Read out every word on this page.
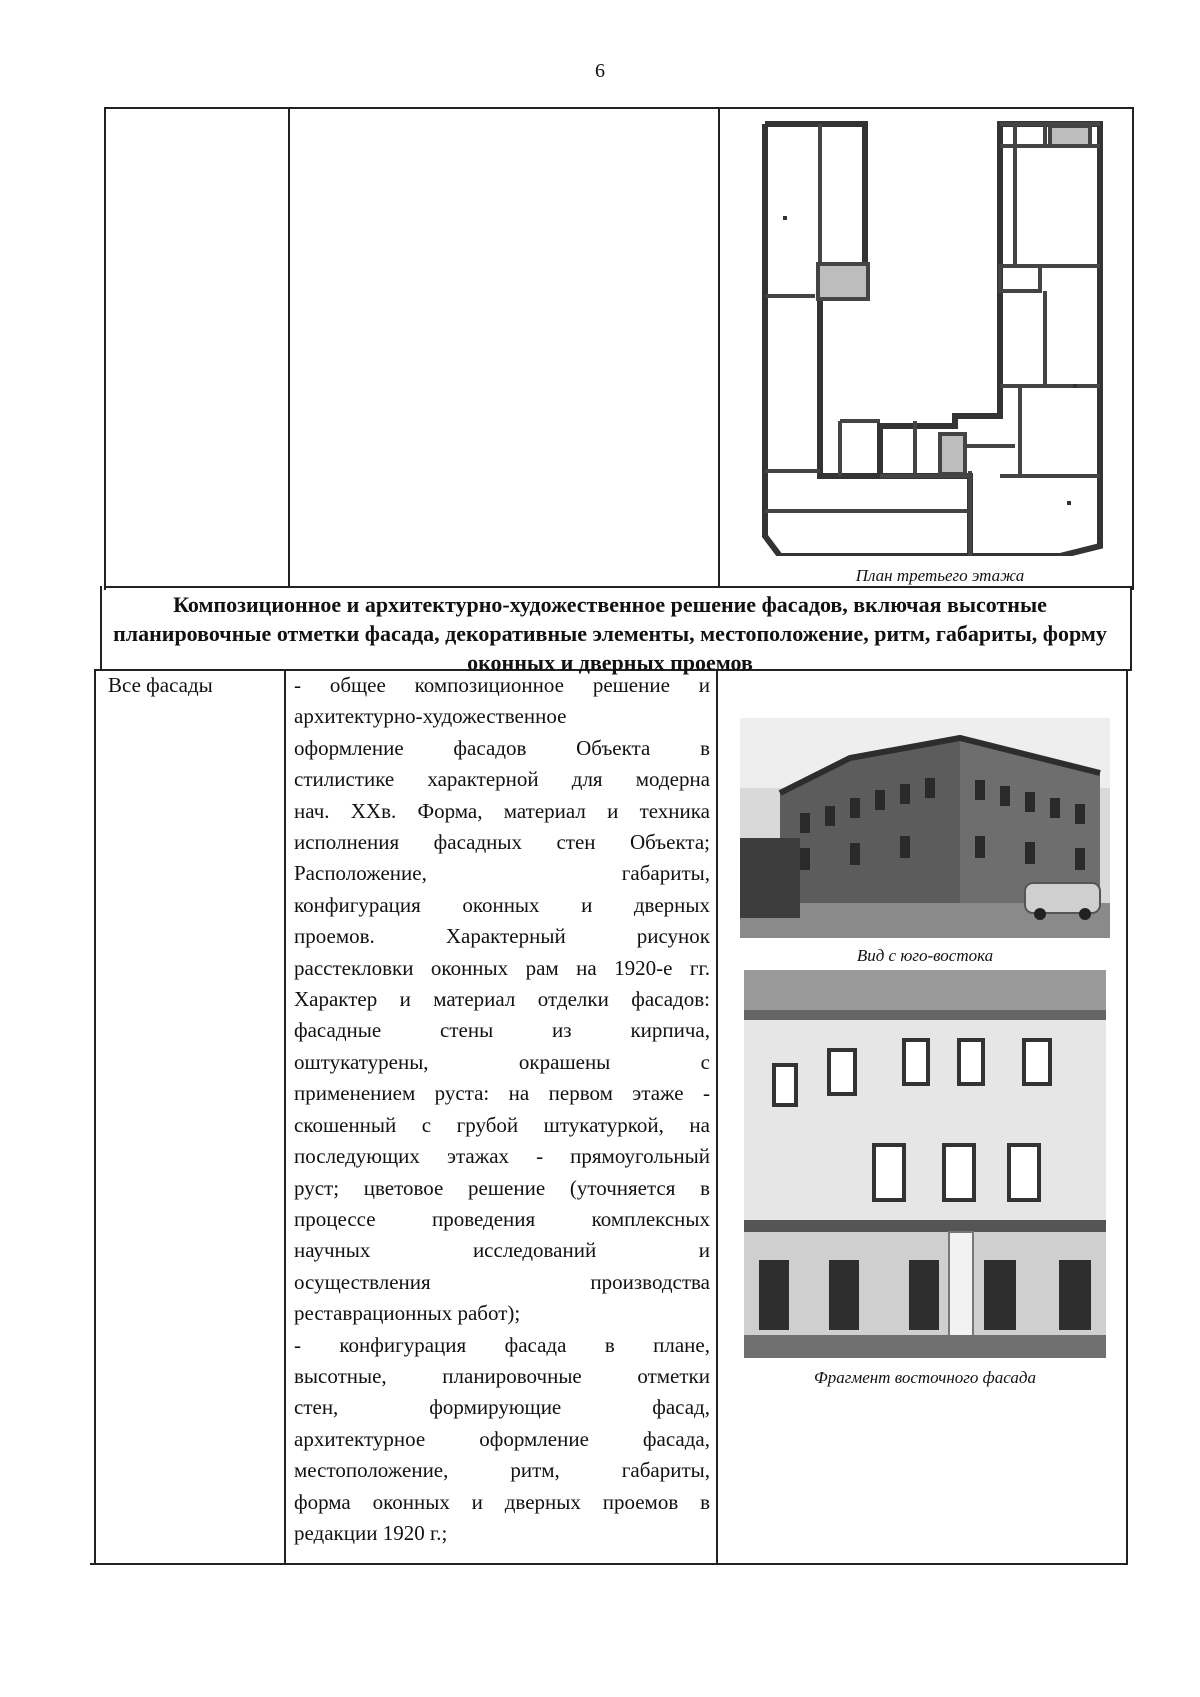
6
План третьего этажа
Композиционное и архитектурно-художественное решение фасадов, включая высотные планировочные отметки фасада, декоративные элементы, местоположение, ритм, габариты, форму оконных и дверных проемов
Все фасады	- общее композиционное решение и

архитектурно-художественное

оформление фасадов Объекта в

стилистике характерной для модерна

нач. XXв. Форма, материал и техника

исполнения фасадных стен Объекта;

Расположение, габариты,

конфигурация оконных и дверных

проемов. Характерный рисунок

расстекловки оконных рам на 1920-е гг.

Характер и материал отделки фасадов:

фасадные стены из кирпича,

оштукатурены, окрашены с

применением руста: на первом этаже -

скошенный с грубой штукатуркой, на

последующих этажах - прямоугольный

руст; цветовое решение (уточняется в

процессе проведения комплексных

научных исследований и

осуществления производства

реставрационных работ);

- конфигурация фасада в плане,

высотные, планировочные отметки

стен, формирующие фасад,

архитектурное оформление фасада,

местоположение, ритм, габариты,

форма оконных и дверных проемов в

редакции 1920 г.;

Вид с юго-востока
Фрагмент восточного фасада
